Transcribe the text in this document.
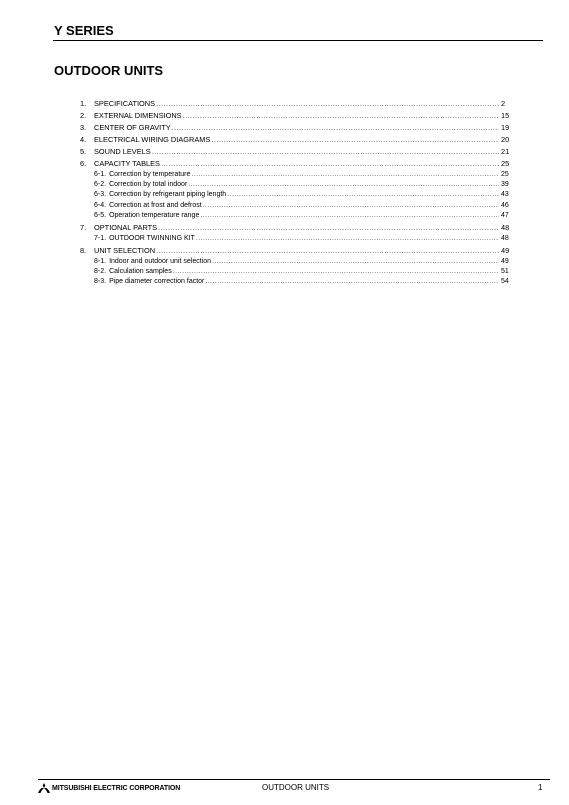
Y SERIES
OUTDOOR UNITS
1.	SPECIFICATIONS .....	2
2.	EXTERNAL DIMENSIONS .....	15
3.	CENTER OF GRAVITY .....	19
4.	ELECTRICAL WIRING DIAGRAMS .....	20
5.	SOUND LEVELS .....	21
6.	CAPACITY TABLES .....	25
6-1. Correction by temperature .....	25
6-2. Correction by total indoor .....	39
6-3. Correction by refrigerant piping length .....	43
6-4. Correction at frost and defrost .....	46
6-5. Operation temperature range .....	47
7.	OPTIONAL PARTS .....	48
7-1. OUTDOOR TWINNING KIT .....	48
8.	UNIT SELECTION .....	49
8-1. Indoor and outdoor unit selection .....	49
8-2. Calculation samples .....	51
8-3. Pipe diameter correction factor .....	54
MITSUBISHI ELECTRIC CORPORATION	OUTDOOR UNITS	1
